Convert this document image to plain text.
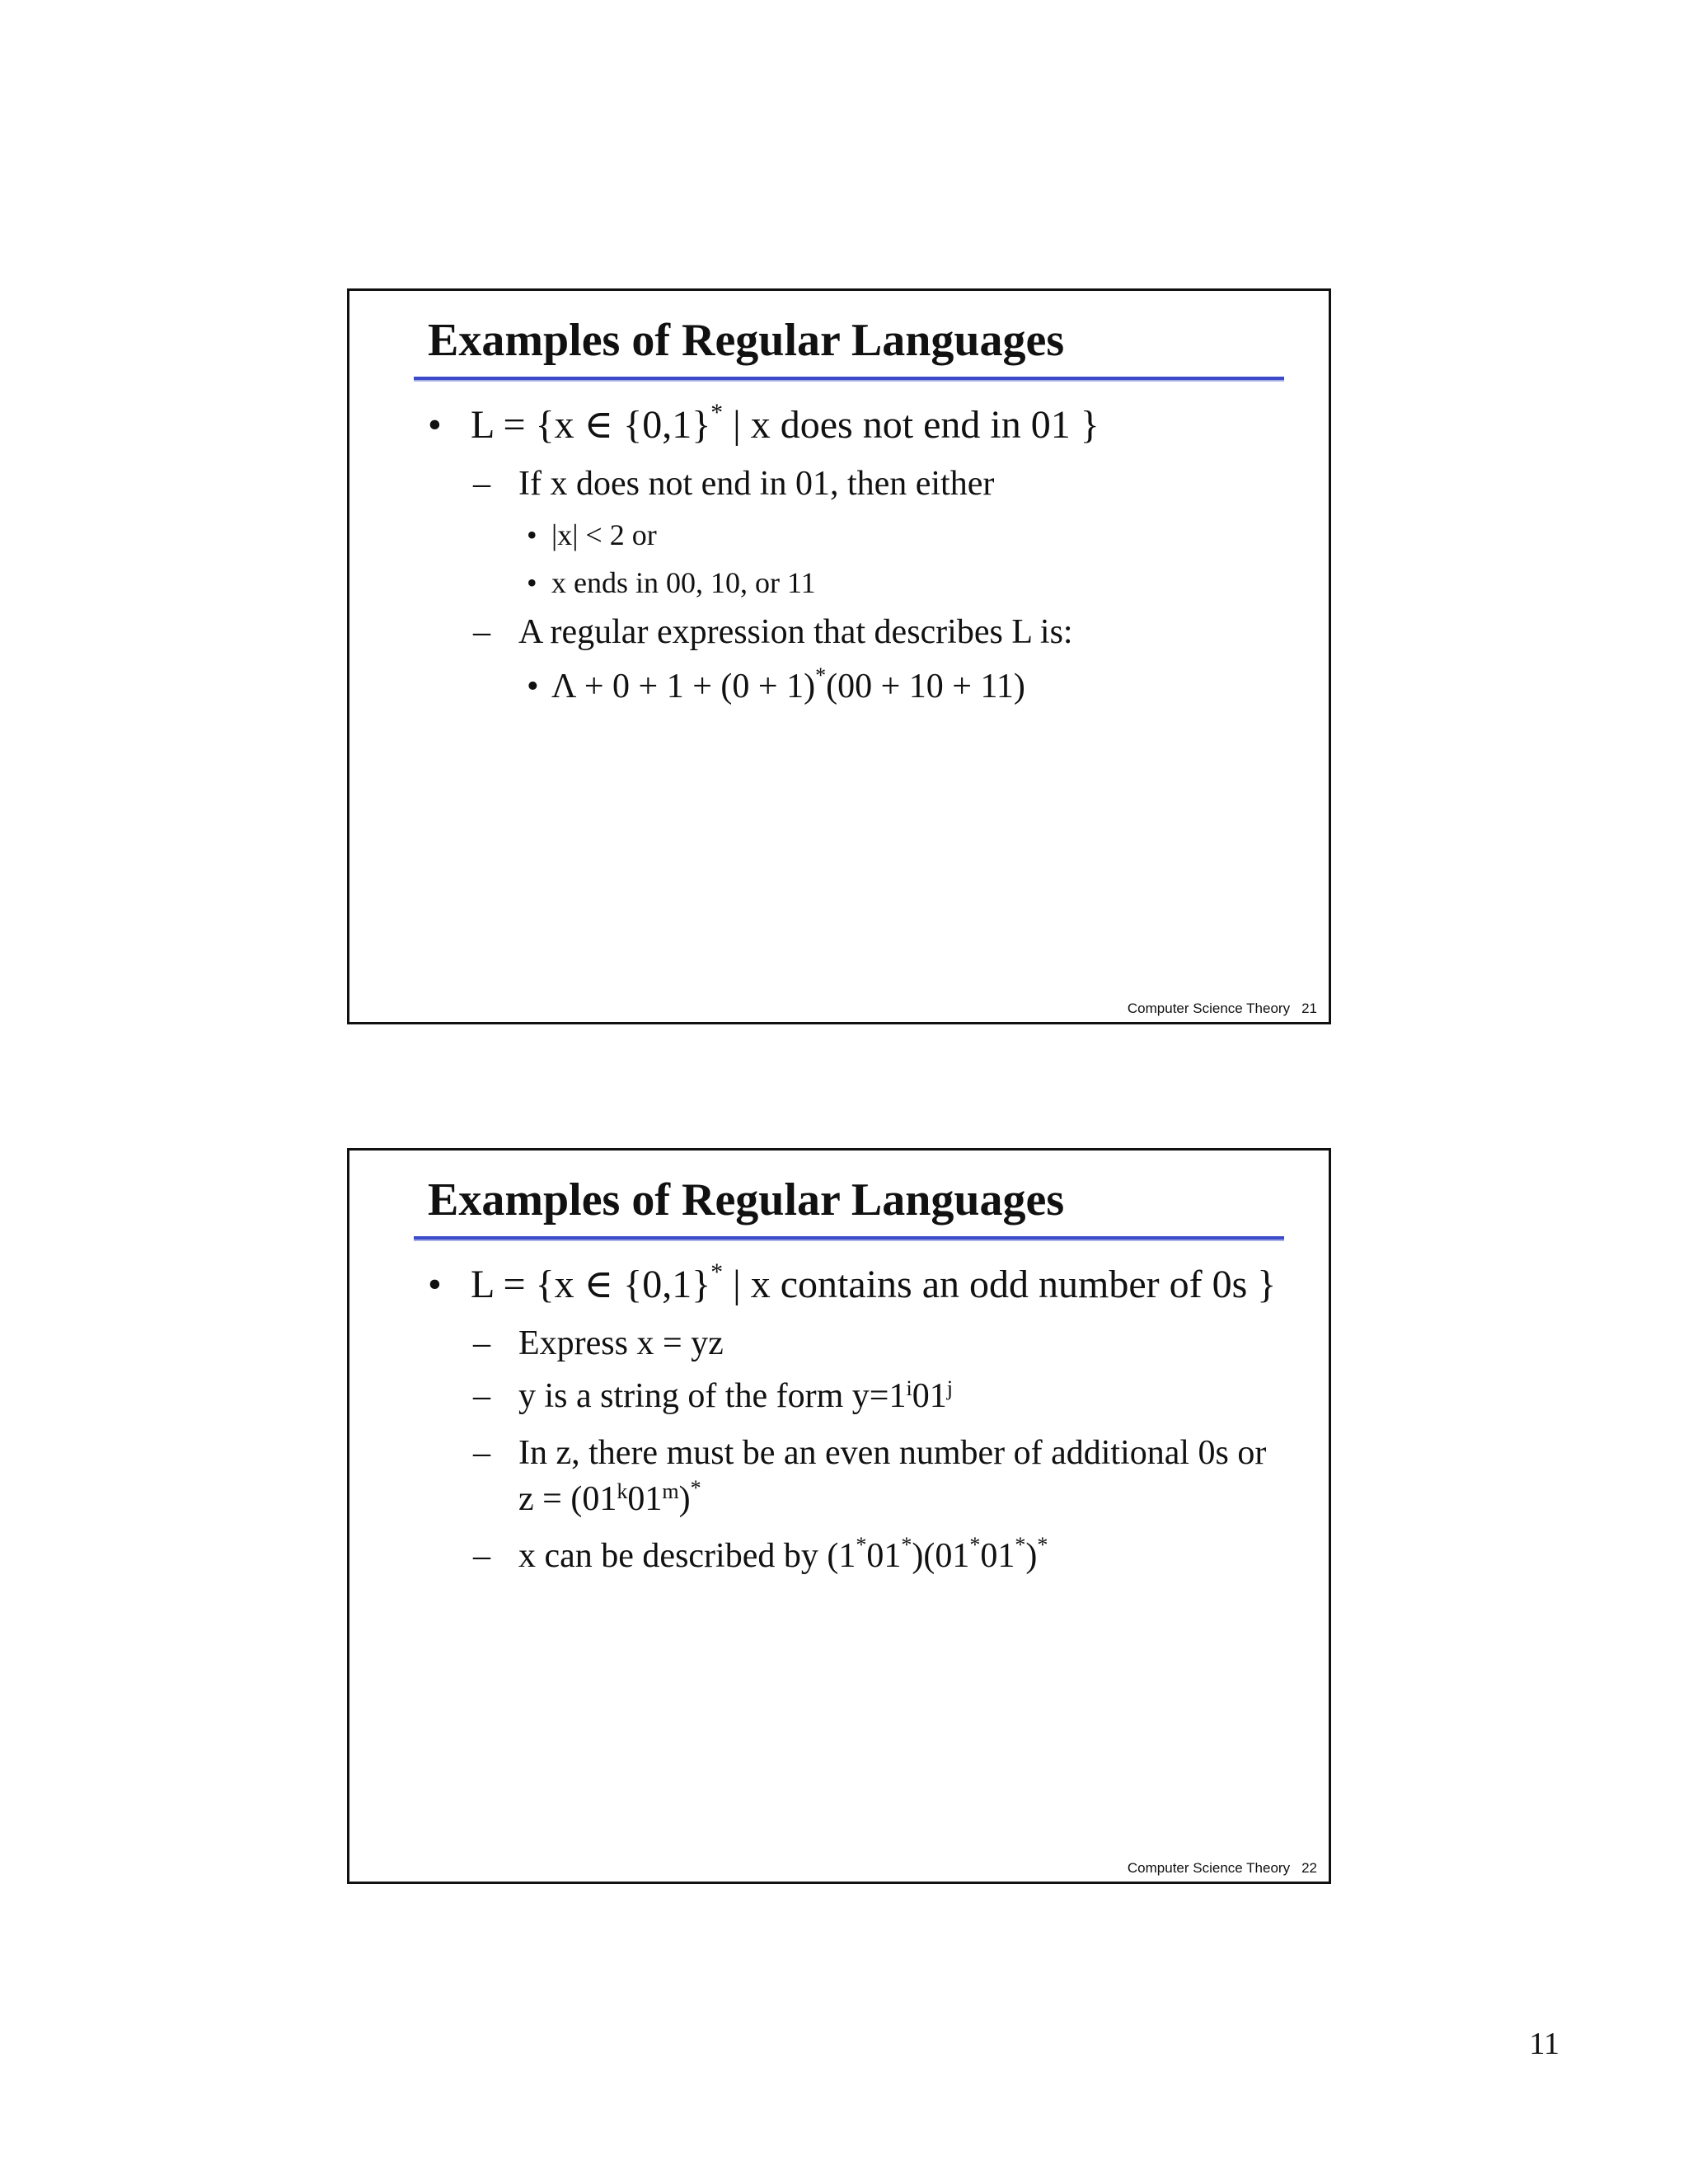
Examples of Regular Languages

• L = {x ∈ {0,1}* | x does not end in 01 }

– If x does not end in 01, then either

• |x| < 2 or

• x ends in 00, 10, or 11

– A regular expression that describes L is:

• Λ + 0 + 1 + (0 + 1)*(00 + 10 + 11)

Computer Science Theory 21
Examples of Regular Languages

• L = {x ∈ {0,1}* | x contains an odd number of 0s }

– Express x = yz

– y is a string of the form $y=1^i01^j$

– In z, there must be an even number of additional 0s or $z = (01^k01^m)^*$

– x can be described by (1*01*)(01*01*)*

Computer Science Theory 22
11
